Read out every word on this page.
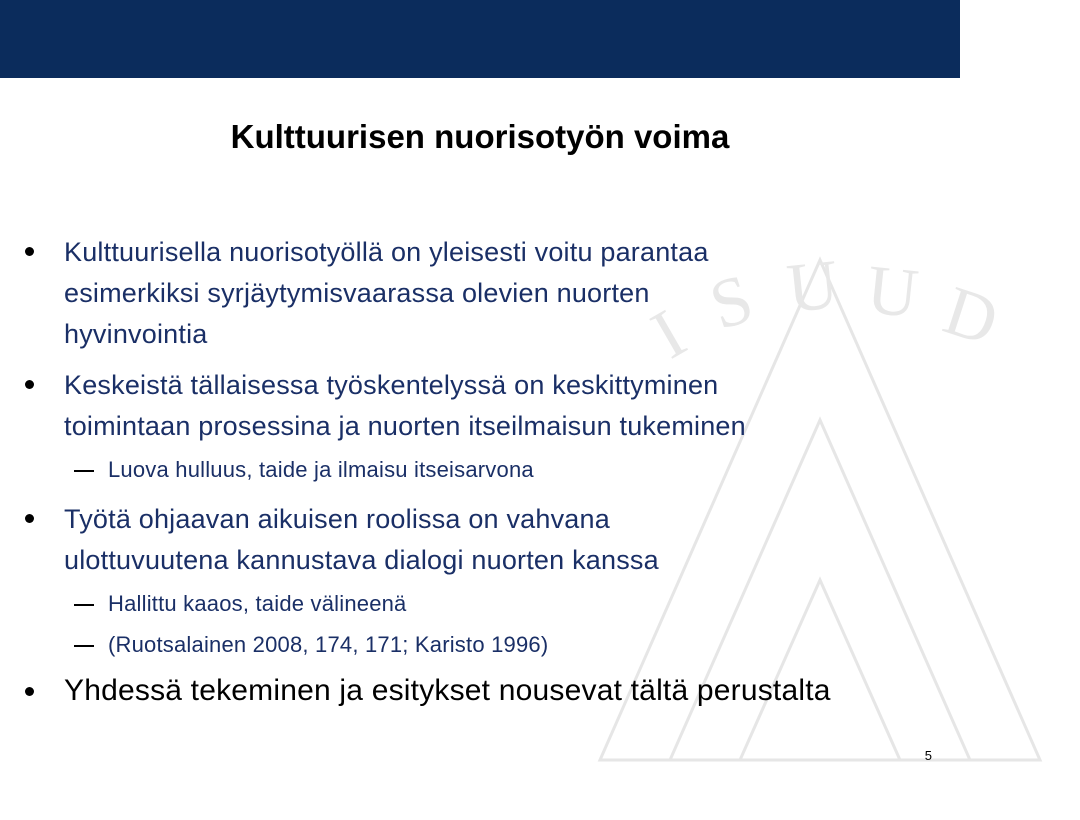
I S U U D
Kulttuurisen nuorisotyön voima
Kulttuurisella nuorisotyöllä on yleisesti voitu parantaa
esimerkiksi syrjäytymisvaarassa olevien nuorten
hyvinvointia
Keskeistä tällaisessa työskentelyssä on keskittyminen
toimintaan prosessina ja nuorten itseilmaisun tukeminen
Luova hulluus, taide ja ilmaisu itseisarvona
Työtä ohjaavan aikuisen roolissa on vahvana
ulottuvuutena kannustava dialogi nuorten kanssa
Hallittu kaaos, taide välineenä
(Ruotsalainen 2008, 174, 171; Karisto 1996)
Yhdessä tekeminen ja esitykset nousevat tältä perustalta
5
